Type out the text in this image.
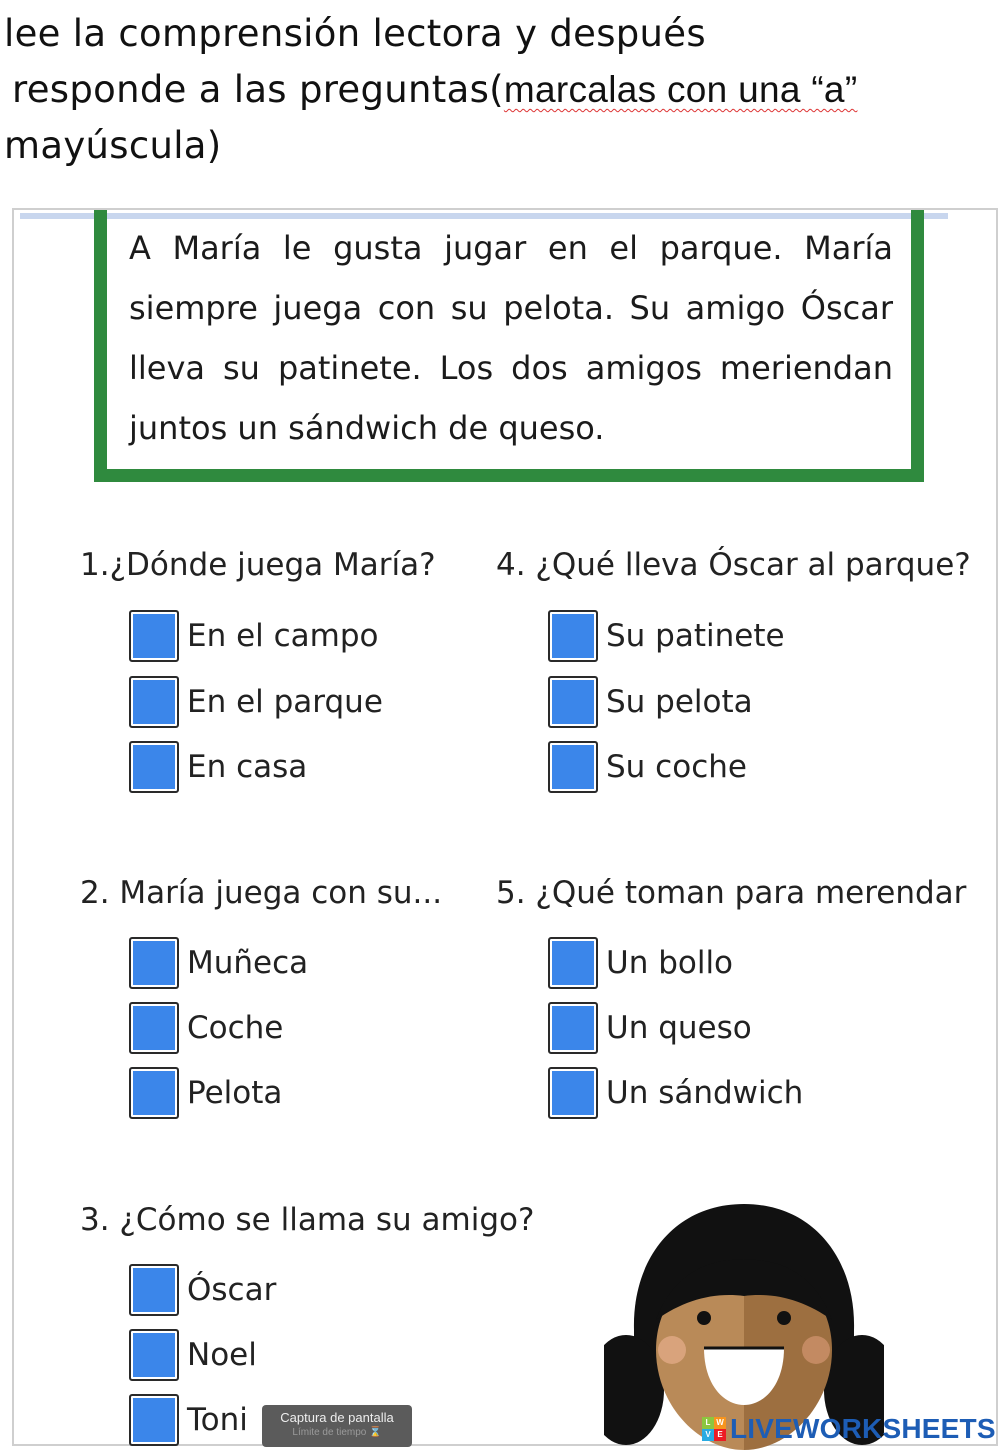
lee la comprensión lectora y después
responde a las preguntas(marcalas con una “a”
mayúscula)

A María le gusta jugar en el parque. María siempre juega con su pelota. Su amigo Óscar lleva su patinete. Los dos amigos meriendan juntos un sándwich de queso.

1.¿Dónde juega María?
En el campo
En el parque
En casa
4. ¿Qué lleva Óscar al parque?
Su patinete
Su pelota
Su coche
2. María juega con su...
Muñeca
Coche
Pelota
5. ¿Qué toman para merendar
Un bollo
Un queso
Un sándwich
3. ¿Cómo se llama su amigo?
Óscar
Noel
Toni	Captura de pantalla
Límite de tiempo ⌛
L W
V E LIVEWORKSHEETS
